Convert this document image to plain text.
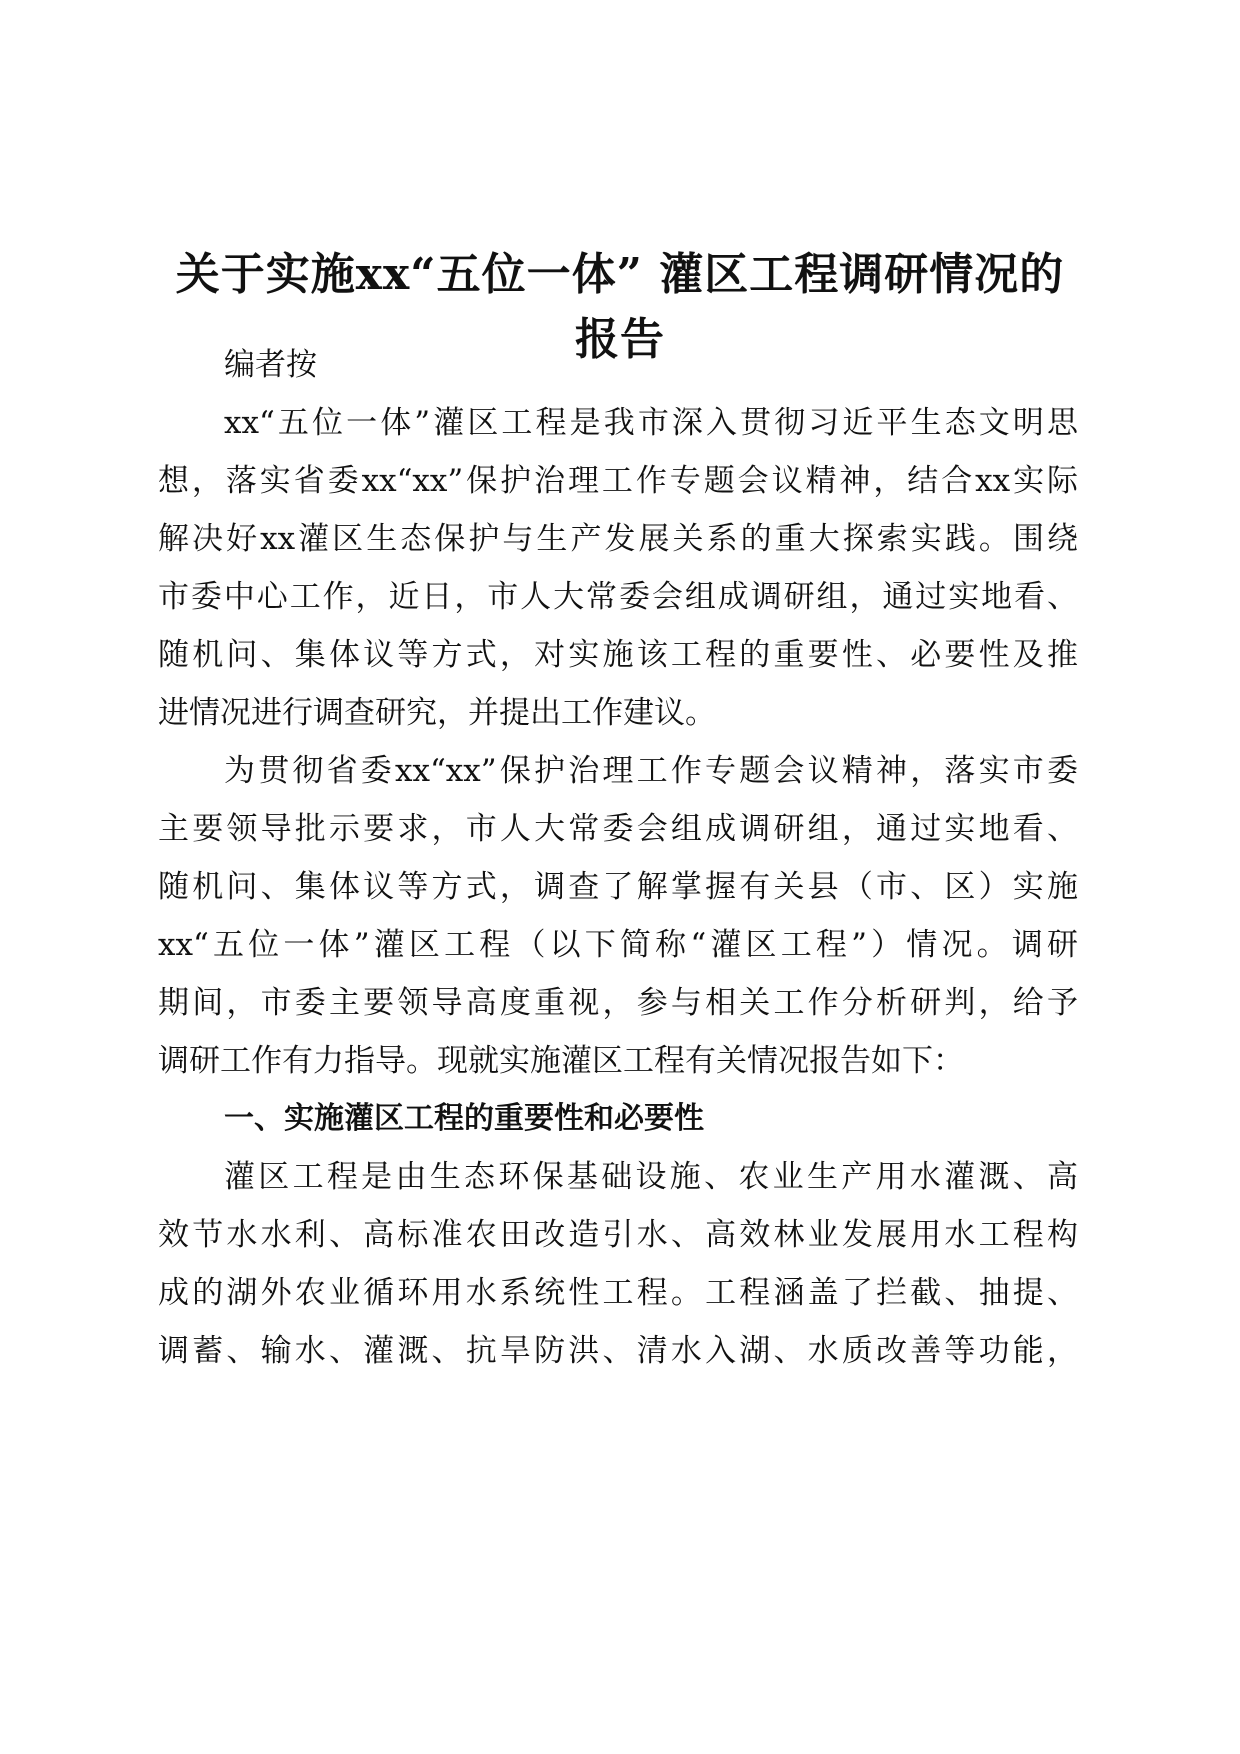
关于实施xx“五位一体” 灌区工程调研情况的
报告

编者按

xx“五位一体”灌区工程是我市深入贯彻习近平生态文明思

想，落实省委xx“xx”保护治理工作专题会议精神，结合xx实际

解决好xx灌区生态保护与生产发展关系的重大探索实践。围绕

市委中心工作，近日，市人大常委会组成调研组，通过实地看、

随机问、集体议等方式，对实施该工程的重要性、必要性及推

进情况进行调查研究，并提出工作建议。

为贯彻省委xx“xx”保护治理工作专题会议精神，落实市委

主要领导批示要求，市人大常委会组成调研组，通过实地看、

随机问、集体议等方式，调查了解掌握有关县（市、区）实施

xx“五位一体”灌区工程（以下简称“灌区工程”）情况。调研

期间，市委主要领导高度重视，参与相关工作分析研判，给予

调研工作有力指导。现就实施灌区工程有关情况报告如下：

一、实施灌区工程的重要性和必要性

灌区工程是由生态环保基础设施、农业生产用水灌溉、高

效节水水利、高标准农田改造引水、高效林业发展用水工程构

成的湖外农业循环用水系统性工程。工程涵盖了拦截、抽提、

调蓄、输水、灌溉、抗旱防洪、清水入湖、水质改善等功能，
